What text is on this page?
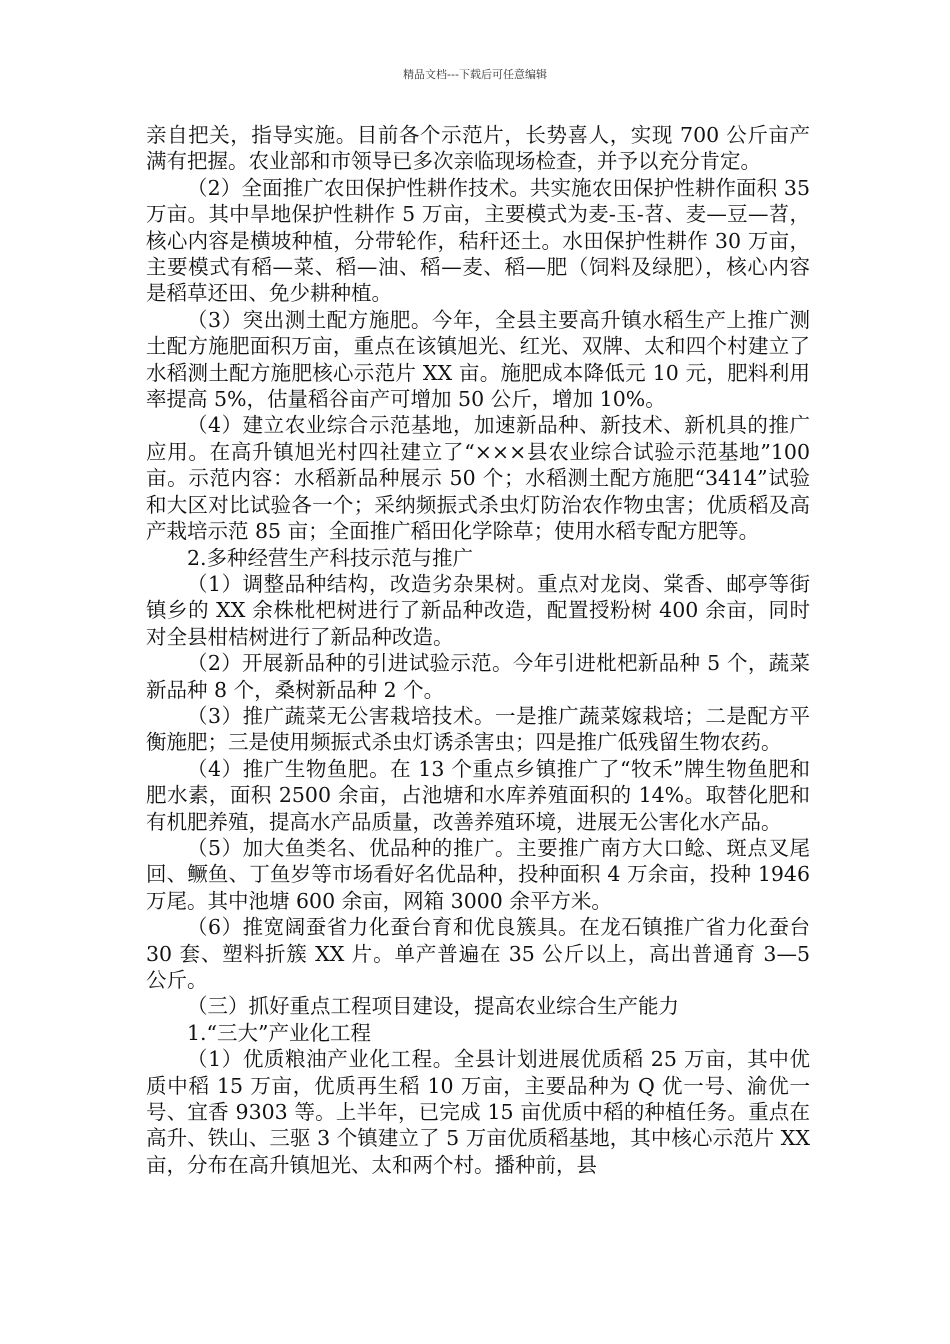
精品文档---下载后可任意编辑

亲自把关，指导实施。目前各个示范片，长势喜人，实现 700 公斤亩产满有把握。农业部和市领导已多次亲临现场检查，并予以充分肯定。

（2）全面推广农田保护性耕作技术。共实施农田保护性耕作面积 35 万亩。其中旱地保护性耕作 5 万亩，主要模式为麦-玉-苕、麦—豆—苕，核心内容是横坡种植，分带轮作，秸秆还土。水田保护性耕作 30 万亩，主要模式有稻—菜、稻—油、稻—麦、稻—肥（饲料及绿肥），核心内容是稻草还田、免少耕种植。

（3）突出测土配方施肥。今年，全县主要高升镇水稻生产上推广测土配方施肥面积万亩，重点在该镇旭光、红光、双牌、太和四个村建立了水稻测土配方施肥核心示范片 XX 亩。施肥成本降低元 10 元，肥料利用率提高 5%，估量稻谷亩产可增加 50 公斤，增加 10%。

（4）建立农业综合示范基地，加速新品种、新技术、新机具的推广应用。在高升镇旭光村四社建立了“×××县农业综合试验示范基地”100 亩。示范内容：水稻新品种展示 50 个；水稻测土配方施肥“3414”试验和大区对比试验各一个；采纳频振式杀虫灯防治农作物虫害；优质稻及高产栽培示范 85 亩；全面推广稻田化学除草；使用水稻专配方肥等。

2.多种经营生产科技示范与推广

（1）调整品种结构，改造劣杂果树。重点对龙岗、棠香、邮亭等街镇乡的 XX 余株枇杷树进行了新品种改造，配置授粉树 400 余亩，同时对全县柑桔树进行了新品种改造。

（2）开展新品种的引进试验示范。今年引进枇杷新品种 5 个，蔬菜新品种 8 个，桑树新品种 2 个。

（3）推广蔬菜无公害栽培技术。一是推广蔬菜嫁栽培；二是配方平衡施肥；三是使用频振式杀虫灯诱杀害虫；四是推广低残留生物农药。

（4）推广生物鱼肥。在 13 个重点乡镇推广了“牧禾”牌生物鱼肥和肥水素，面积 2500 余亩，占池塘和水库养殖面积的 14%。取替化肥和有机肥养殖，提高水产品质量，改善养殖环境，进展无公害化水产品。

（5）加大鱼类名、优品种的推广。主要推广南方大口鲶、斑点叉尾回、鳜鱼、丁鱼岁等市场看好名优品种，投种面积 4 万余亩，投种 1946 万尾。其中池塘 600 余亩，网箱 3000 余平方米。

（6）推宽阔蚕省力化蚕台育和优良簇具。在龙石镇推广省力化蚕台 30 套、塑料折簇 XX 片。单产普遍在 35 公斤以上，高出普通育 3—5 公斤。

（三）抓好重点工程项目建设，提高农业综合生产能力

1.“三大”产业化工程

（1）优质粮油产业化工程。全县计划进展优质稻 25 万亩，其中优质中稻 15 万亩，优质再生稻 10 万亩，主要品种为 Q 优一号、渝优一号、宜香 9303 等。上半年，已完成 15 亩优质中稻的种植任务。重点在高升、铁山、三驱 3 个镇建立了 5 万亩优质稻基地，其中核心示范片 XX 亩，分布在高升镇旭光、太和两个村。播种前，县
